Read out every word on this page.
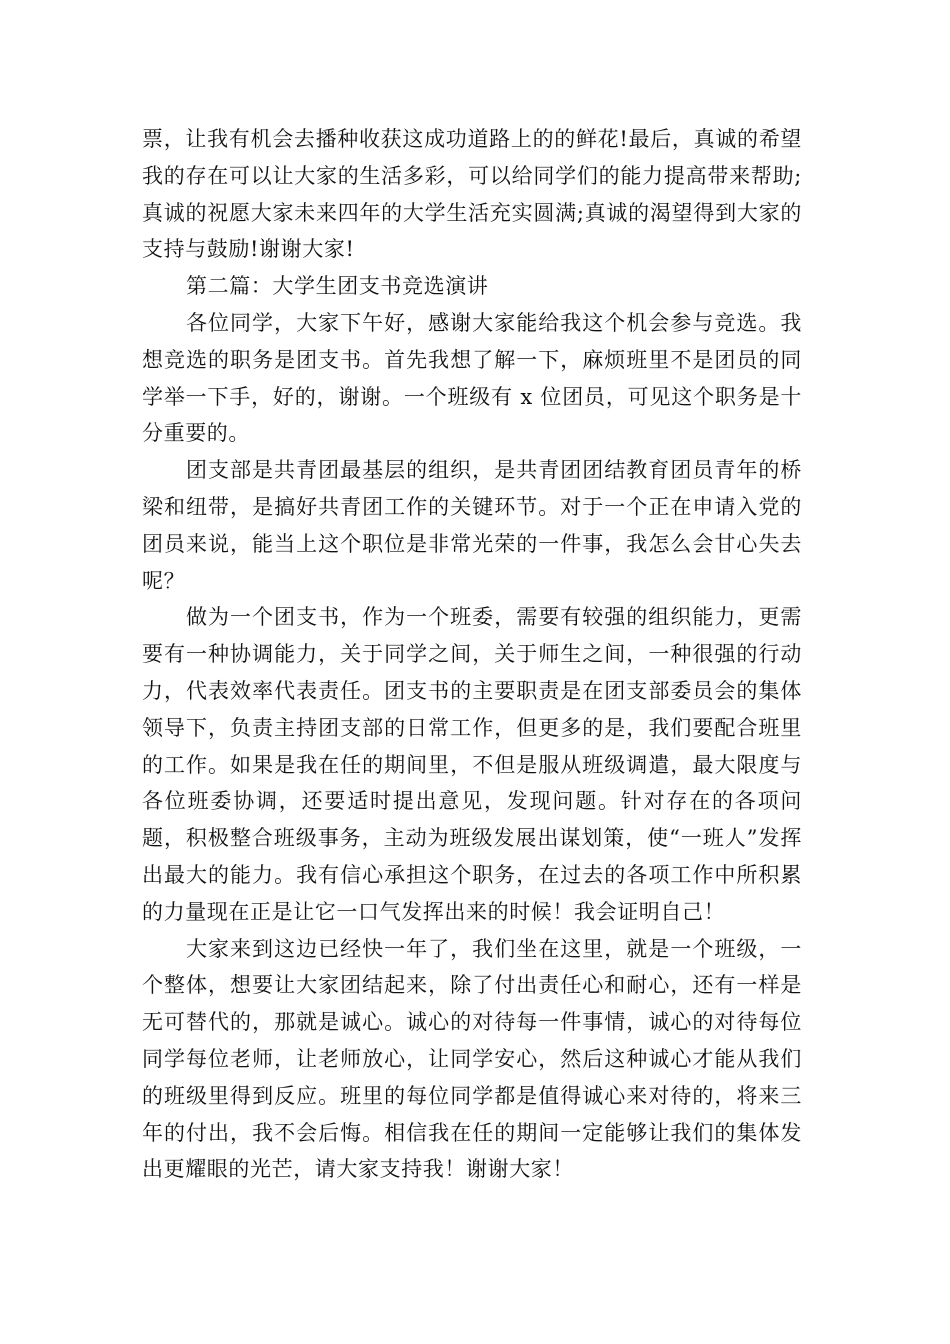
票，让我有机会去播种收获这成功道路上的的鲜花!最后，真诚的希望我的存在可以让大家的生活多彩，可以给同学们的能力提高带来帮助;真诚的祝愿大家未来四年的大学生活充实圆满;真诚的渴望得到大家的支持与鼓励!谢谢大家!

第二篇：大学生团支书竞选演讲

各位同学，大家下午好，感谢大家能给我这个机会参与竞选。我想竞选的职务是团支书。首先我想了解一下，麻烦班里不是团员的同学举一下手，好的，谢谢。一个班级有 x 位团员，可见这个职务是十分重要的。

团支部是共青团最基层的组织，是共青团团结教育团员青年的桥梁和纽带，是搞好共青团工作的关键环节。对于一个正在申请入党的团员来说，能当上这个职位是非常光荣的一件事，我怎么会甘心失去呢？

做为一个团支书，作为一个班委，需要有较强的组织能力，更需要有一种协调能力，关于同学之间，关于师生之间，一种很强的行动力，代表效率代表责任。团支书的主要职责是在团支部委员会的集体领导下，负责主持团支部的日常工作，但更多的是，我们要配合班里的工作。如果是我在任的期间里，不但是服从班级调遣，最大限度与各位班委协调，还要适时提出意见，发现问题。针对存在的各项问题，积极整合班级事务，主动为班级发展出谋划策，使“一班人”发挥出最大的能力。我有信心承担这个职务，在过去的各项工作中所积累的力量现在正是让它一口气发挥出来的时候！我会证明自己！

大家来到这边已经快一年了，我们坐在这里，就是一个班级，一个整体，想要让大家团结起来，除了付出责任心和耐心，还有一样是无可替代的，那就是诚心。诚心的对待每一件事情，诚心的对待每位同学每位老师，让老师放心，让同学安心，然后这种诚心才能从我们的班级里得到反应。班里的每位同学都是值得诚心来对待的，将来三年的付出，我不会后悔。相信我在任的期间一定能够让我们的集体发出更耀眼的光芒，请大家支持我！谢谢大家！
